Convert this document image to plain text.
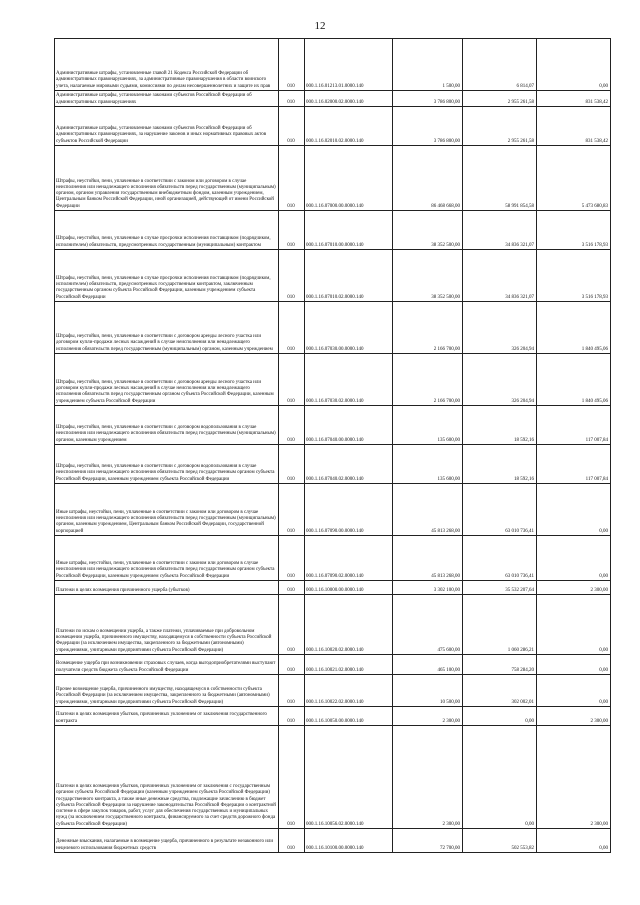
12
Административные штрафы, установленные главой 21 Кодекса Российской Федерации об административных правонарушениях, за административные правонарушения в области воинского учета, налагаемые мировыми судьями, комиссиями по делам несовершеннолетних и защите их прав	010	000.1.16.01213.01.0000.140	1 500,00	6 814,07	0,00
Административные штрафы, установленные законами субъектов Российской Федерации об административных правонарушениях	010	000.1.16.02000.02.0000.140	3 786 800,00	2 955 261,58	831 538,42
Административные штрафы, установленные законами субъектов Российской Федерации об административных правонарушениях, за нарушение законов и иных нормативных правовых актов субъектов Российской Федерации	010	000.1.16.02010.02.0000.140	3 786 800,00	2 955 261,58	831 538,42
Штрафы, неустойки, пени, уплаченные в соответствии с законом или договором в случае неисполнения или ненадлежащего исполнения обязательств перед государственным (муниципальным) органом, органом управления государственным внебюджетным фондом, казенным учреждением, Центральным банком Российской Федерации, иной организацией, действующей от имени Российской Федерации	010	000.1.16.07000.00.0000.140	86 468 668,00	58 991 854,58	5 473 680,83
Штрафы, неустойки, пени, уплаченные в случае просрочки исполнения поставщиком (подрядчиком, исполнителем) обязательств, предусмотренных государственным (муниципальным) контрактом	010	000.1.16.07010.00.0000.140	38 352 500,00	34 836 321,07	3 516 178,93
Штрафы, неустойки, пени, уплаченные в случае просрочки исполнения поставщиком (подрядчиком, исполнителем) обязательств, предусмотренных государственным контрактом, заключенным государственным органом субъекта Российской Федерации, казенным учреждением субъекта Российской Федерации	010	000.1.16.07010.02.0000.140	38 352 500,00	34 836 321,07	3 516 178,93
Штрафы, неустойки, пени, уплаченные в соответствии с договором аренды лесного участка или договором купли-продажи лесных насаждений в случае неисполнения или ненадлежащего исполнения обязательств перед государственным (муниципальным) органом, казенным учреждением	010	000.1.16.07030.00.0000.140	2 166 700,00	326 204,94	1 840 495,06
Штрафы, неустойки, пени, уплаченные в соответствии с договором аренды лесного участка или договором купли-продажи лесных насаждений в случае неисполнения или ненадлежащего исполнения обязательств перед государственным органом субъекта Российской Федерации, казенным учреждением субъекта Российской Федерации	010	000.1.16.07030.02.0000.140	2 166 700,00	326 204,94	1 840 495,06
Штрафы, неустойки, пени, уплаченные в соответствии с договором водопользования в случае неисполнения или ненадлежащего исполнения обязательств перед государственным (муниципальным) органом, казенным учреждением	010	000.1.16.07040.00.0000.140	135 600,00	18 592,16	117 007,84
Штрафы, неустойки, пени, уплаченные в соответствии с договором водопользования в случае неисполнения или ненадлежащего исполнения обязательств перед государственным органом субъекта Российской Федерации, казенным учреждением субъекта Российской Федерации	010	000.1.16.07040.02.0000.140	135 600,00	18 592,16	117 007,84
Иные штрафы, неустойки, пени, уплаченные в соответствии с законом или договором в случае неисполнения или ненадлежащего исполнения обязательств перед государственным (муниципальным) органом, казенным учреждением, Центральным банком Российской Федерации, государственной корпорацией	010	000.1.16.07090.00.0000.140	45 813 268,00	63 010 736,41	0,00
Иные штрафы, неустойки, пени, уплаченные в соответствии с законом или договором в случае неисполнения или ненадлежащего исполнения обязательств перед государственным органом субъекта Российской Федерации, казенным учреждением субъекта Российской Федерации	010	000.1.16.07090.02.0000.140	45 813 268,00	63 010 736,41	0,00
Платежи в целях возмещения причиненного ущерба (убытков)	010	000.1.16.10000.00.0000.140	3 302 100,00	35 532 207,64	2 300,00
Платежи по искам о возмещении ущерба, а также платежи, уплачиваемые при добровольном возмещении ущерба, причиненного имуществу, находящемуся в собственности субъекта Российской Федерации (за исключением имущества, закрепленного за бюджетными (автономными) учреждениями, унитарными предприятиями субъекта Российской Федерации)	010	000.1.16.10020.02.0000.140	475 600,00	1 060 286,21	0,00
Возмещение ущерба при возникновении страховых случаев, когда выгодоприобретателями выступают получатели средств бюджета субъекта Российской Федерации	010	000.1.16.10021.02.0000.140	465 100,00	758 284,20	0,00
Прочее возмещение ущерба, причиненного имуществу, находящемуся в собственности субъекта Российской Федерации (за исключением имущества, закрепленного за бюджетными (автономными) учреждениями, унитарными предприятиями субъекта Российской Федерации)	010	000.1.16.10022.02.0000.140	10 500,00	302 002,01	0,00
Платежи в целях возмещения убытков, причиненных уклонением от заключения государственного контракта	010	000.1.16.10050.00.0000.140	2 300,00	0,00	2 300,00
Платежи в целях возмещения убытков, причиненных уклонением от заключения с государственным органом субъекта Российской Федерации (казенным учреждением субъекта Российской Федерации) государственного контракта, а также иные денежные средства, подлежащие зачислению в бюджет субъекта Российской Федерации за нарушение законодательства Российской Федерации о контрактной системе в сфере закупок товаров, работ, услуг для обеспечения государственных и муниципальных нужд (за исключением государственного контракта, финансируемого за счет средств дорожного фонда субъекта Российской Федерации)	010	000.1.16.10056.02.0000.140	2 300,00	0,00	2 300,00
Денежные взыскания, налагаемые в возмещение ущерба, причиненного в результате незаконного или нецелевого использования бюджетных средств	010	000.1.16.10100.00.0000.140	72 700,00	502 553,82	0,00
